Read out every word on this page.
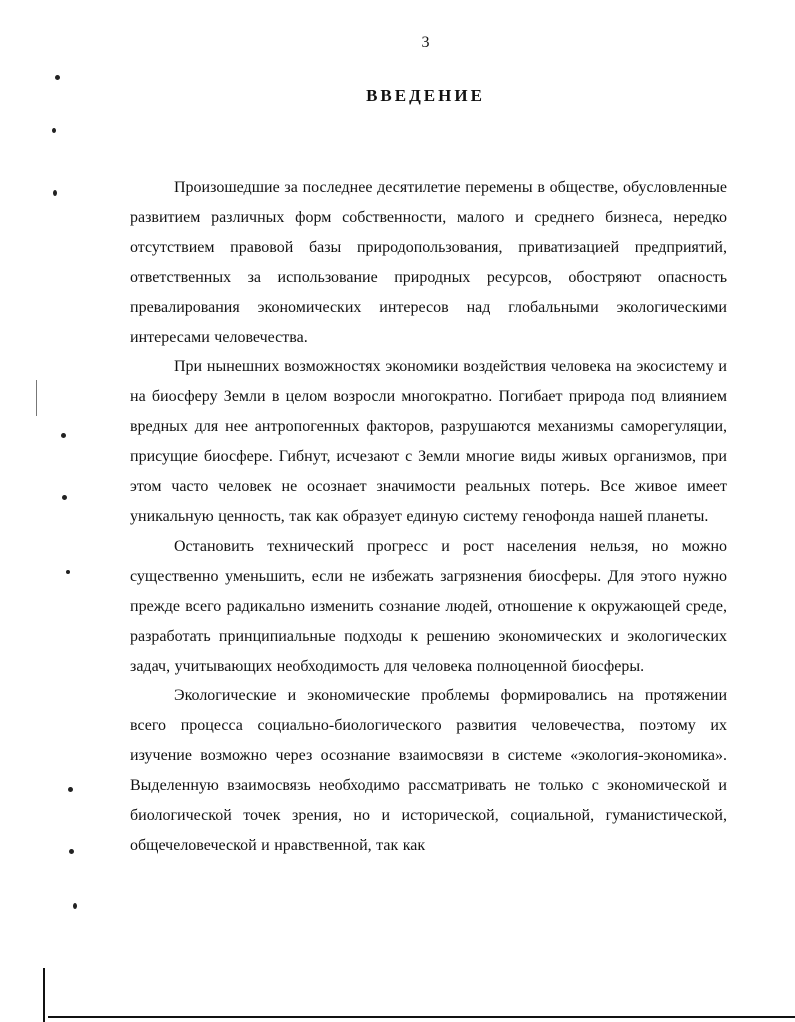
3
ВВЕДЕНИЕ

Произошедшие за последнее десятилетие перемены в обществе, обусловленные развитием различных форм собственности, малого и среднего бизнеса, нередко отсутствием правовой базы природопользования, приватизацией предприятий, ответственных за использование природных ресурсов, обостряют опасность превалирования экономических интересов над глобальными экологическими интересами человечества.

При нынешних возможностях экономики воздействия человека на экосистему и на биосферу Земли в целом возросли многократно. Погибает природа под влиянием вредных для нее антропогенных факторов, разрушаются механизмы саморегуляции, присущие биосфере. Гибнут, исчезают с Земли многие виды живых организмов, при этом часто человек не осознает значимости реальных потерь. Все живое имеет уникальную ценность, так как образует единую систему генофонда нашей планеты.

Остановить технический прогресс и рост населения нельзя, но можно существенно уменьшить, если не избежать загрязнения биосферы. Для этого нужно прежде всего радикально изменить сознание людей, отношение к окружающей среде, разработать принципиальные подходы к решению экономических и экологических задач, учитывающих необходимость для человека полноценной биосферы.

Экологические и экономические проблемы формировались на протяжении всего процесса социально-биологического развития человечества, поэтому их изучение возможно через осознание взаимосвязи в системе «экология-экономика». Выделенную взаимосвязь необходимо рассматривать не только с экономической и биологической точек зрения, но и исторической, социальной, гуманистической, общечеловеческой и нравственной, так как
